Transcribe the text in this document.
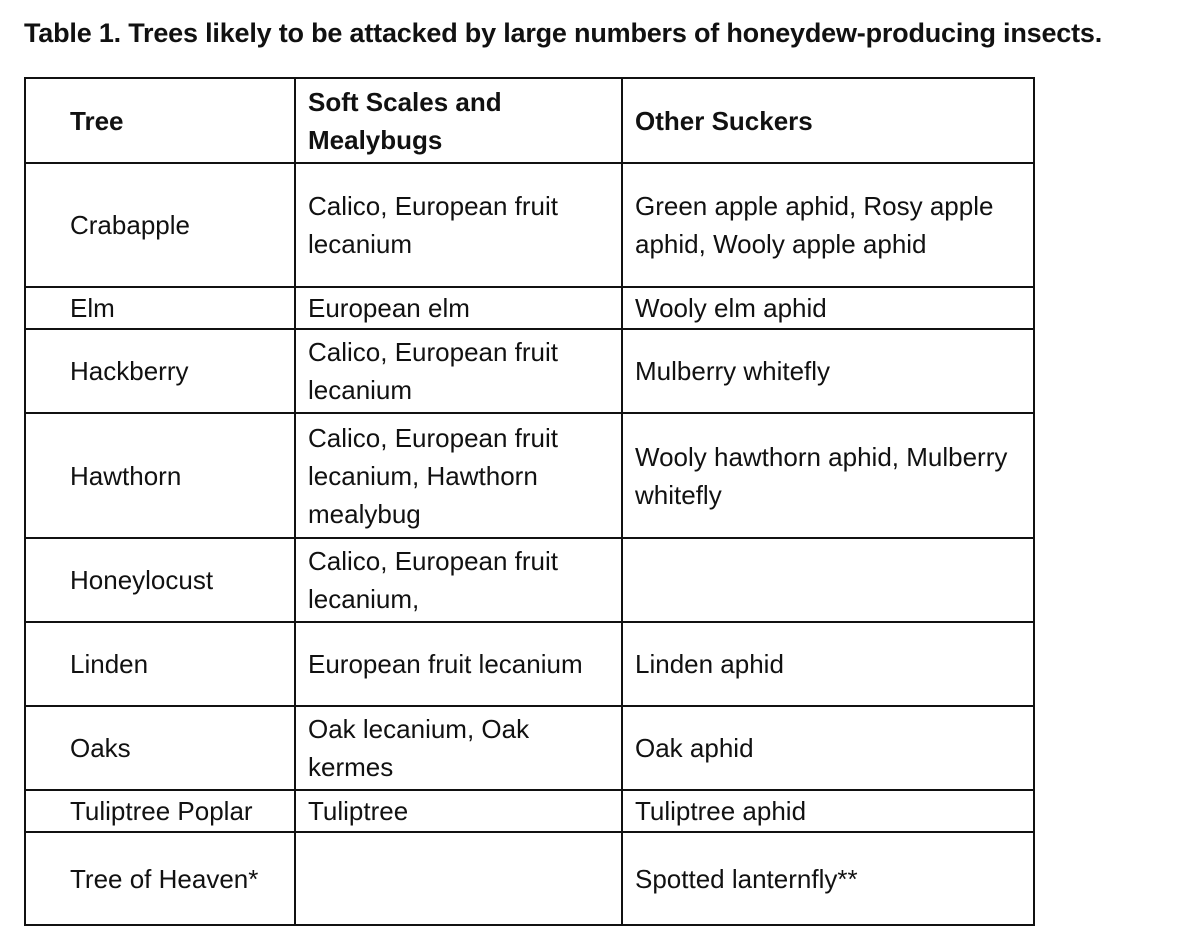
Table 1. Trees likely to be attacked by large numbers of honeydew-producing insects.
Tree	Soft Scales and Mealybugs	Other Suckers
Crabapple	Calico, European fruit lecanium	Green apple aphid, Rosy apple aphid, Wooly apple aphid
Elm	European elm	Wooly elm aphid
Hackberry	Calico, European fruit lecanium	Mulberry whitefly
Hawthorn	Calico, European fruit lecanium, Hawthorn mealybug	Wooly hawthorn aphid, Mulberry whitefly
Honeylocust	Calico, European fruit lecanium,	
Linden	European fruit lecanium	Linden aphid
Oaks	Oak lecanium, Oak kermes	Oak aphid
Tuliptree Poplar	Tuliptree	Tuliptree aphid
Tree of Heaven*		Spotted lanternfly**
